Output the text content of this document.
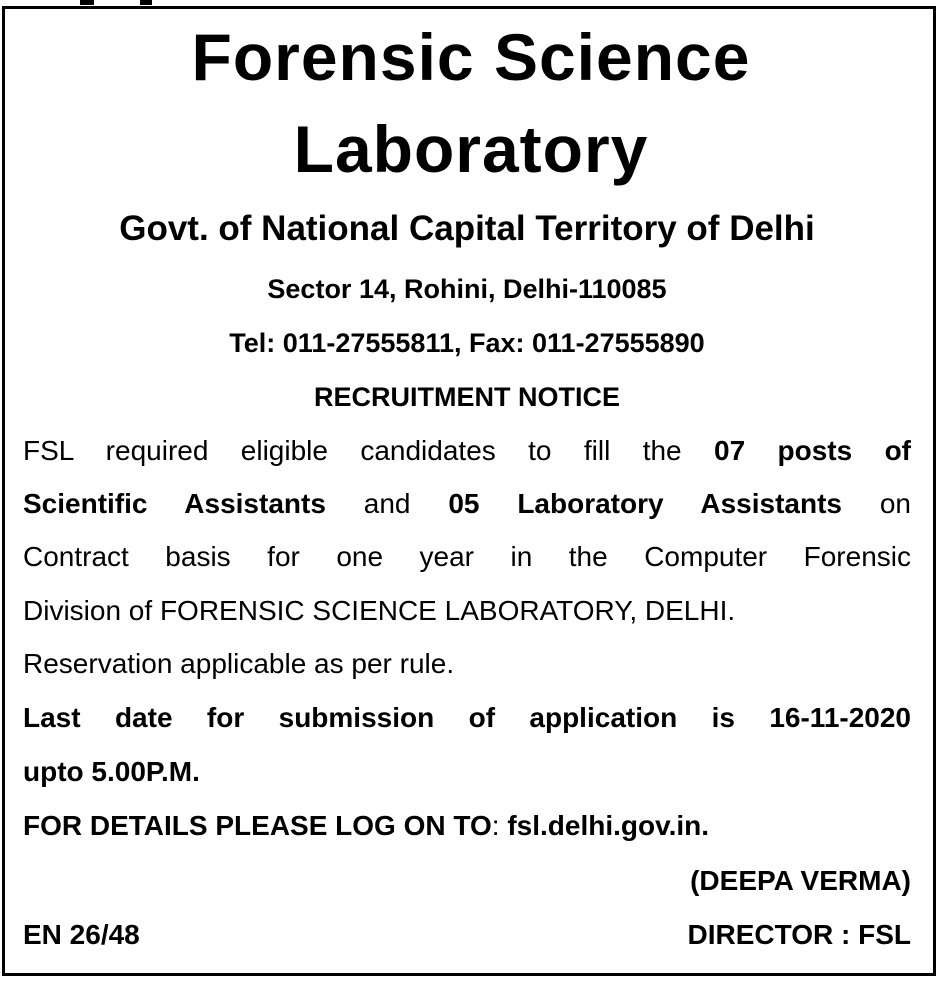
Forensic Science
Laboratory
Govt. of National Capital Territory of Delhi
Sector 14, Rohini, Delhi-110085
Tel: 011-27555811, Fax: 011-27555890
RECRUITMENT NOTICE
FSL required eligible candidates to fill the 07 posts of
Scientific Assistants and 05 Laboratory Assistants on
Contract basis for one year in the Computer Forensic
Division of FORENSIC SCIENCE LABORATORY, DELHI.
Reservation applicable as per rule.
Last date for submission of application is 16-11-2020
upto 5.00P.M.
FOR DETAILS PLEASE LOG ON TO: fsl.delhi.gov.in.
(DEEPA VERMA)
EN 26/48	DIRECTOR : FSL
